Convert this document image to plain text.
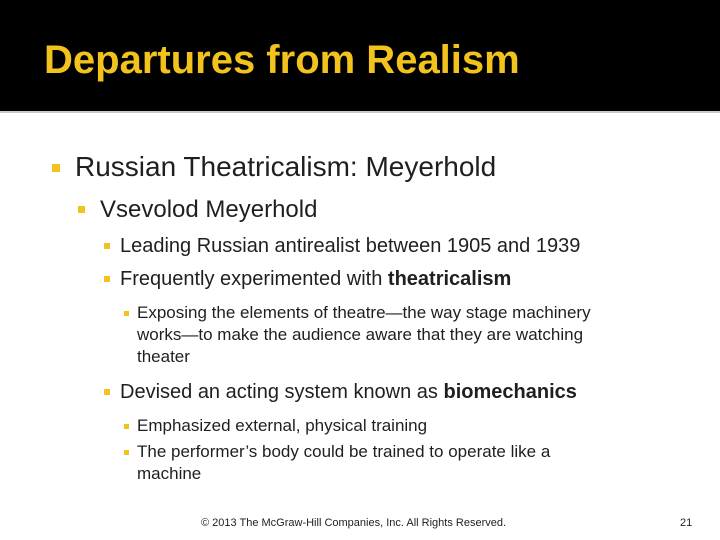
Departures from Realism
Russian Theatricalism: Meyerhold
Vsevolod Meyerhold
Leading Russian antirealist between 1905 and 1939
Frequently experimented with theatricalism
Exposing the elements of theatre—the way stage machinery
works—to make the audience aware that they are watching
theater
Devised an acting system known as biomechanics
Emphasized external, physical training
The performer’s body could be trained to operate like a
machine
© 2013 The McGraw-Hill Companies, Inc. All Rights Reserved.	21
